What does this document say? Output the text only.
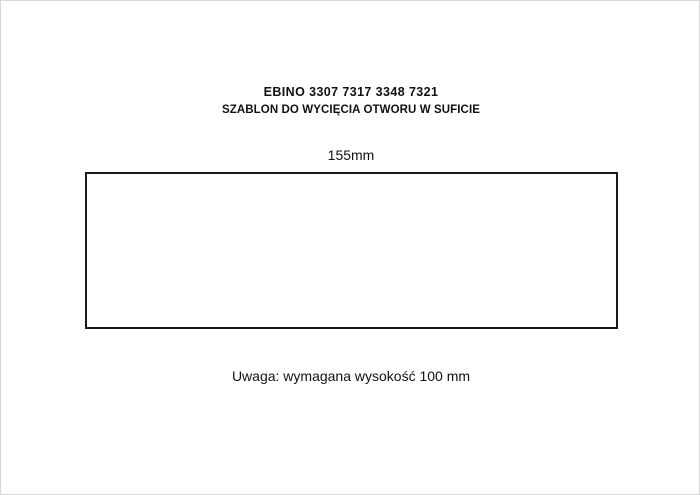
EBINO 3307 7317 3348 7321
SZABLON DO WYCIĘCIA OTWORU W SUFICIE
155mm
Uwaga: wymagana wysokość 100 mm
